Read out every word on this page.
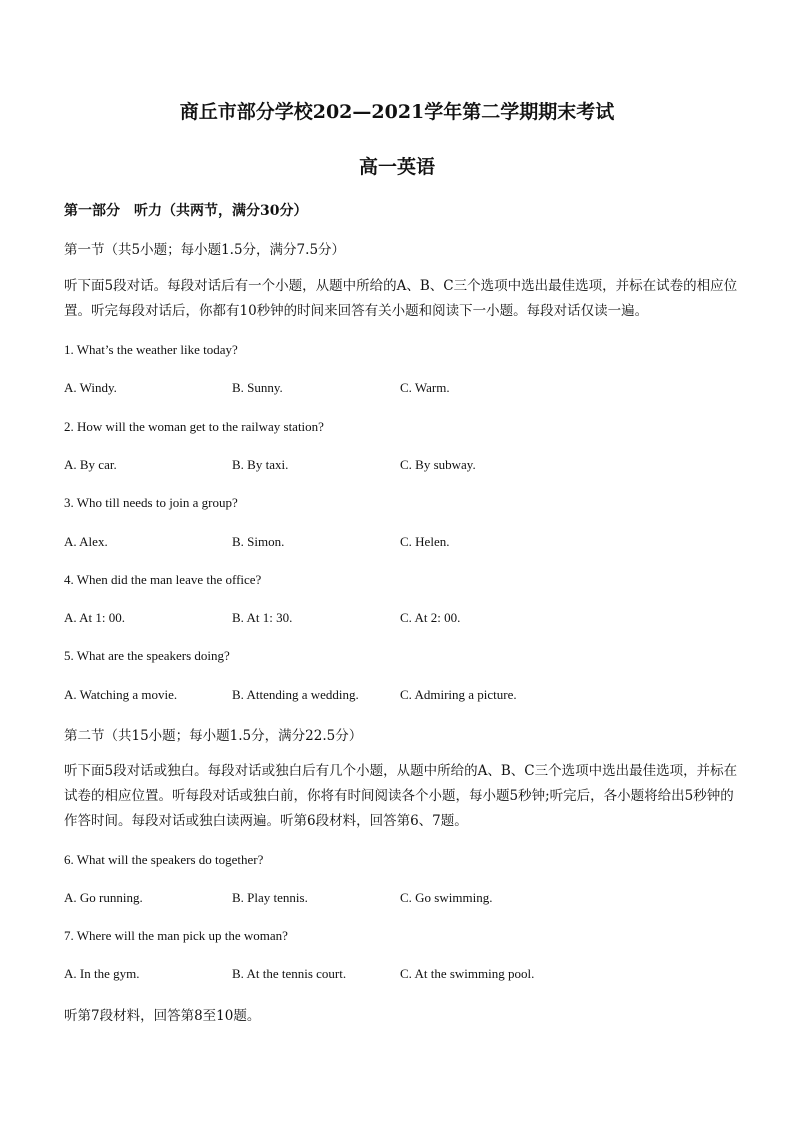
商丘市部分学校202—2021学年第二学期期末考试
高一英语
第一部分　听力（共两节，满分30分）
第一节（共5小题；每小题1.5分，满分7.5分）
听下面5段对话。每段对话后有一个小题，从题中所给的A、B、C三个选项中选出最佳选项，并标在试卷的相应位置。听完每段对话后，你都有10秒钟的时间来回答有关小题和阅读下一小题。每段对话仅读一遍。
1. What’s the weather like today?
A. Windy.	B. Sunny.	C. Warm.
2. How will the woman get to the railway station?
A. By car.	B. By taxi.	C. By subway.
3. Who till needs to join a group?
A. Alex.	B. Simon.	C. Helen.
4. When did the man leave the office?
A. At 1: 00.	B. At 1: 30.	C. At 2: 00.
5. What are the speakers doing?
A. Watching a movie.	B. Attending a wedding.	C. Admiring a picture.
第二节（共15小题；每小题1.5分，满分22.5分）
听下面5段对话或独白。每段对话或独白后有几个小题，从题中所给的A、B、C三个选项中选出最佳选项，并标在试卷的相应位置。听每段对话或独白前，你将有时间阅读各个小题，每小题5秒钟;听完后，各小题将给出5秒钟的作答时间。每段对话或独白读两遍。听第6段材料，回答第6、7题。
6. What will the speakers do together?
A. Go running.	B. Play tennis.	C. Go swimming.
7. Where will the man pick up the woman?
A. In the gym.	B. At the tennis court.	C. At the swimming pool.
听第7段材料，回答第8至10题。
